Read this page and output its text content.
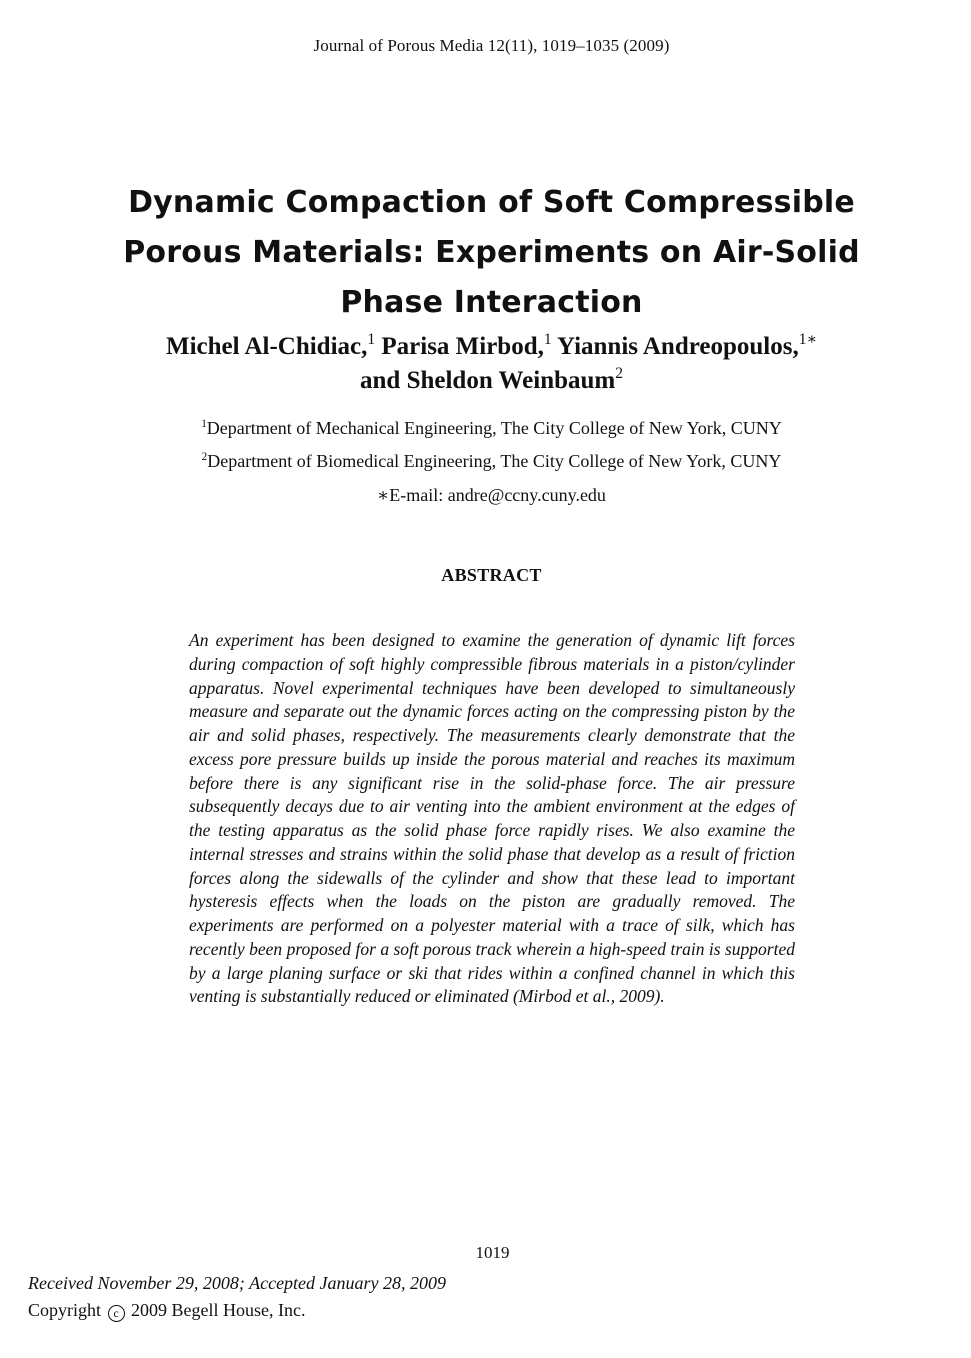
Journal of Porous Media 12(11), 1019–1035 (2009)
Dynamic Compaction of Soft Compressible
Porous Materials: Experiments on Air-Solid
Phase Interaction
Michel Al-Chidiac,$^1$ Parisa Mirbod,$^1$ Yiannis Andreopoulos,$^{1∗}$
and Sheldon Weinbaum$^2$
$^1$Department of Mechanical Engineering, The City College of New York, CUNY
$^2$Department of Biomedical Engineering, The City College of New York, CUNY
∗E-mail: andre@ccny.cuny.edu
ABSTRACT
An experiment has been designed to examine the generation of dynamic lift forces during compaction of soft highly compressible fibrous materials in a piston/cylinder apparatus. Novel experimental techniques have been developed to simultaneously measure and separate out the dynamic forces acting on the compressing piston by the air and solid phases, respectively. The measurements clearly demonstrate that the excess pore pressure builds up inside the porous material and reaches its maximum before there is any significant rise in the solid-phase force. The air pressure subsequently decays due to air venting into the ambient environment at the edges of the testing apparatus as the solid phase force rapidly rises. We also examine the internal stresses and strains within the solid phase that develop as a result of friction forces along the sidewalls of the cylinder and show that these lead to important hysteresis effects when the loads on the piston are gradually removed. The experiments are performed on a polyester material with a trace of silk, which has recently been proposed for a soft porous track wherein a high-speed train is supported by a large planing surface or ski that rides within a confined channel in which this venting is substantially reduced or eliminated (Mirbod et al., 2009).
1019
Received November 29, 2008; Accepted January 28, 2009
Copyright c 2009 Begell House, Inc.
